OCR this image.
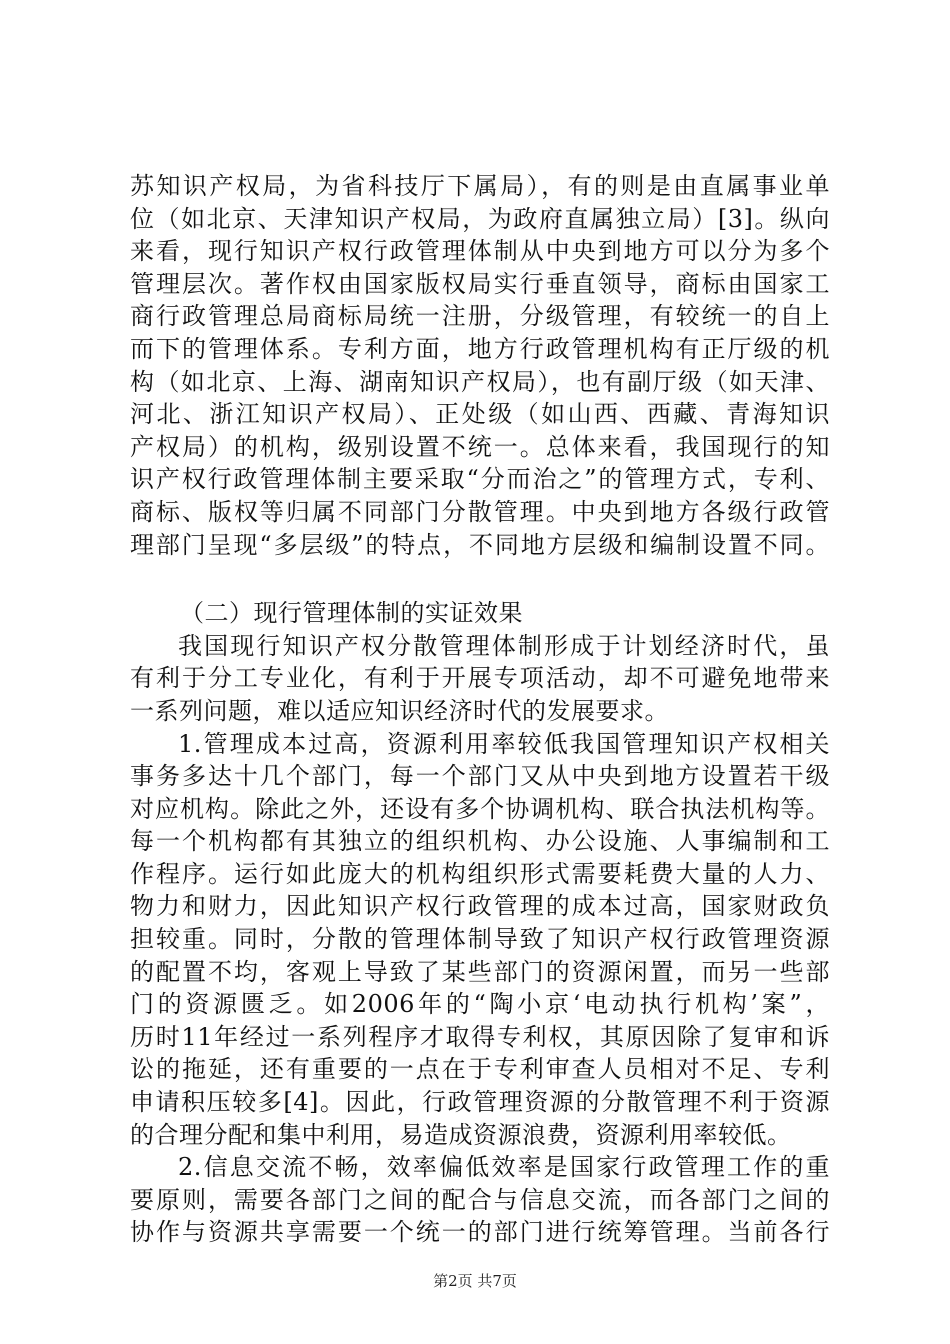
苏知识产权局，为省科技厅下属局），有的则是由直属事业单
位（如北京、天津知识产权局，为政府直属独立局）[3]。纵向
来看，现行知识产权行政管理体制从中央到地方可以分为多个
管理层次。著作权由国家版权局实行垂直领导，商标由国家工
商行政管理总局商标局统一注册，分级管理，有较统一的自上
而下的管理体系。专利方面，地方行政管理机构有正厅级的机
构（如北京、上海、湖南知识产权局），也有副厅级（如天津、
河北、浙江知识产权局）、正处级（如山西、西藏、青海知识
产权局）的机构，级别设置不统一。总体来看，我国现行的知
识产权行政管理体制主要采取“分而治之”的管理方式，专利、
商标、版权等归属不同部门分散管理。中央到地方各级行政管
理部门呈现“多层级”的特点，不同地方层级和编制设置不同。
（二）现行管理体制的实证效果
我国现行知识产权分散管理体制形成于计划经济时代，虽
有利于分工专业化，有利于开展专项活动，却不可避免地带来
一系列问题，难以适应知识经济时代的发展要求。
1.管理成本过高，资源利用率较低我国管理知识产权相关
事务多达十几个部门，每一个部门又从中央到地方设置若干级
对应机构。除此之外，还设有多个协调机构、联合执法机构等。
每一个机构都有其独立的组织机构、办公设施、人事编制和工
作程序。运行如此庞大的机构组织形式需要耗费大量的人力、
物力和财力，因此知识产权行政管理的成本过高，国家财政负
担较重。同时，分散的管理体制导致了知识产权行政管理资源
的配置不均，客观上导致了某些部门的资源闲置，而另一些部
门的资源匮乏。如2006年的“陶小京‘电动执行机构’案”，
历时11年经过一系列程序才取得专利权，其原因除了复审和诉
讼的拖延，还有重要的一点在于专利审查人员相对不足、专利
申请积压较多[4]。因此，行政管理资源的分散管理不利于资源
的合理分配和集中利用，易造成资源浪费，资源利用率较低。
2.信息交流不畅，效率偏低效率是国家行政管理工作的重
要原则，需要各部门之间的配合与信息交流，而各部门之间的
协作与资源共享需要一个统一的部门进行统筹管理。当前各行
第2页 共7页
